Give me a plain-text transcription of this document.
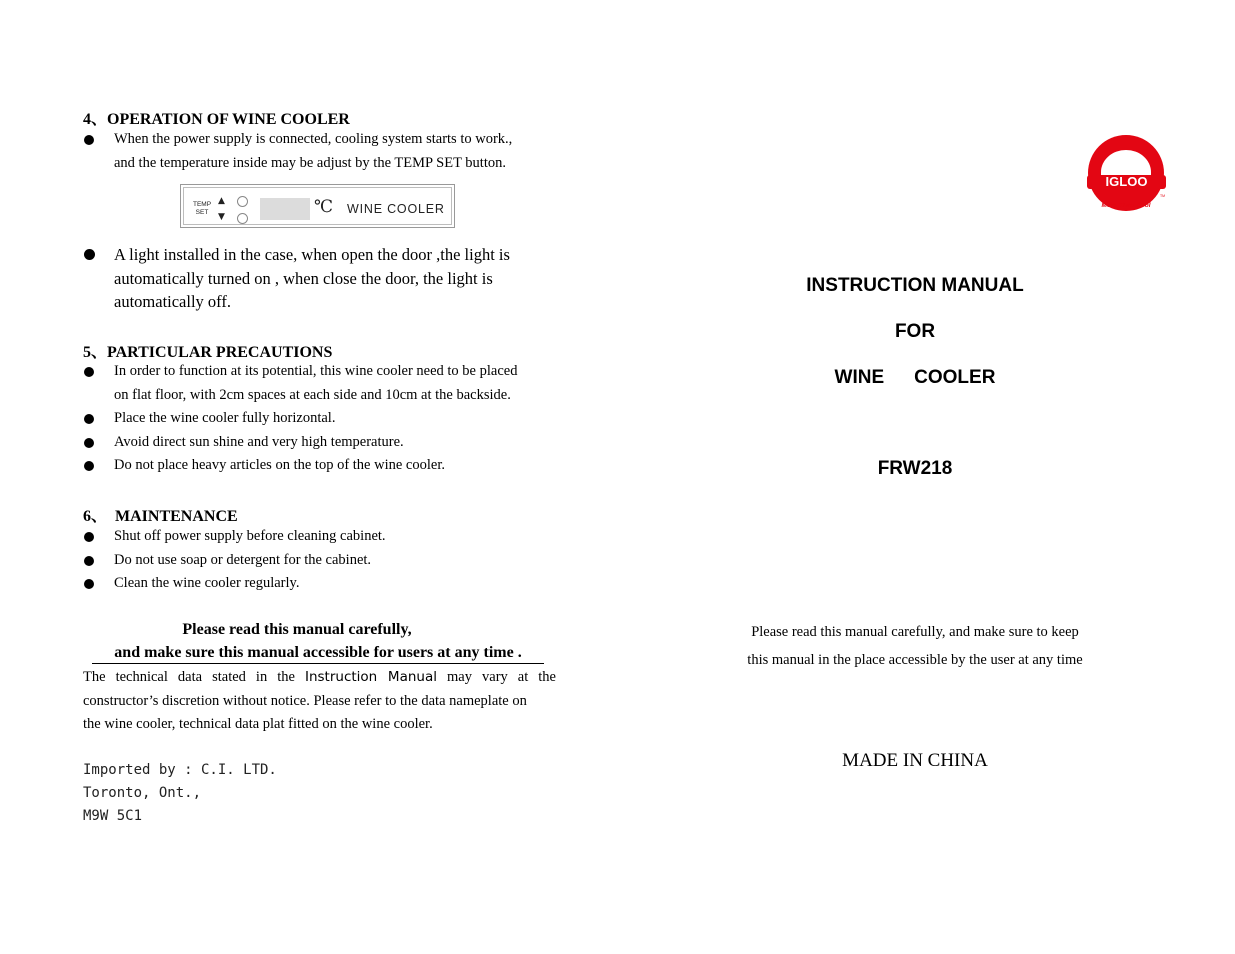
4、OPERATION OF WINE COOLER
When the power supply is connected, cooling system starts to work.,
and the temperature inside may be adjust by the TEMP SET button.
TEMP
SET
▲
▼
℃ WINE COOLER
A light installed in the case, when open the door ,the light is
automatically turned on , when close the door, the light is
automatically off.
5、PARTICULAR PRECAUTIONS
In order to function at its potential, this wine cooler need to be placed
on flat floor, with 2cm spaces at each side and 10cm at the backside.
Place the wine cooler fully horizontal.
Avoid direct sun shine and very high temperature.
Do not place heavy articles on the top of the wine cooler.
6、  MAINTENANCE
Shut off power supply before cleaning cabinet.
Do not use soap or detergent for the cabinet.
Clean the wine cooler regularly.
Please read this manual carefully,
and make sure this manual accessible for users at any time .
The technical data stated in the Instruction Manual may vary at the
constructor’s discretion without notice. Please refer to the data nameplate on
the wine cooler, technical data plat fitted on the wine cooler.
Imported by : C.I. LTD.
Toronto, Ont.,
M9W 5C1
IGLOO
TM
More Than Cool
INSTRUCTION MANUAL
FOR
WINE COOLER
FRW218
Please read this manual carefully, and make sure to keep
this manual in the place accessible by the user at any time
MADE IN CHINA
